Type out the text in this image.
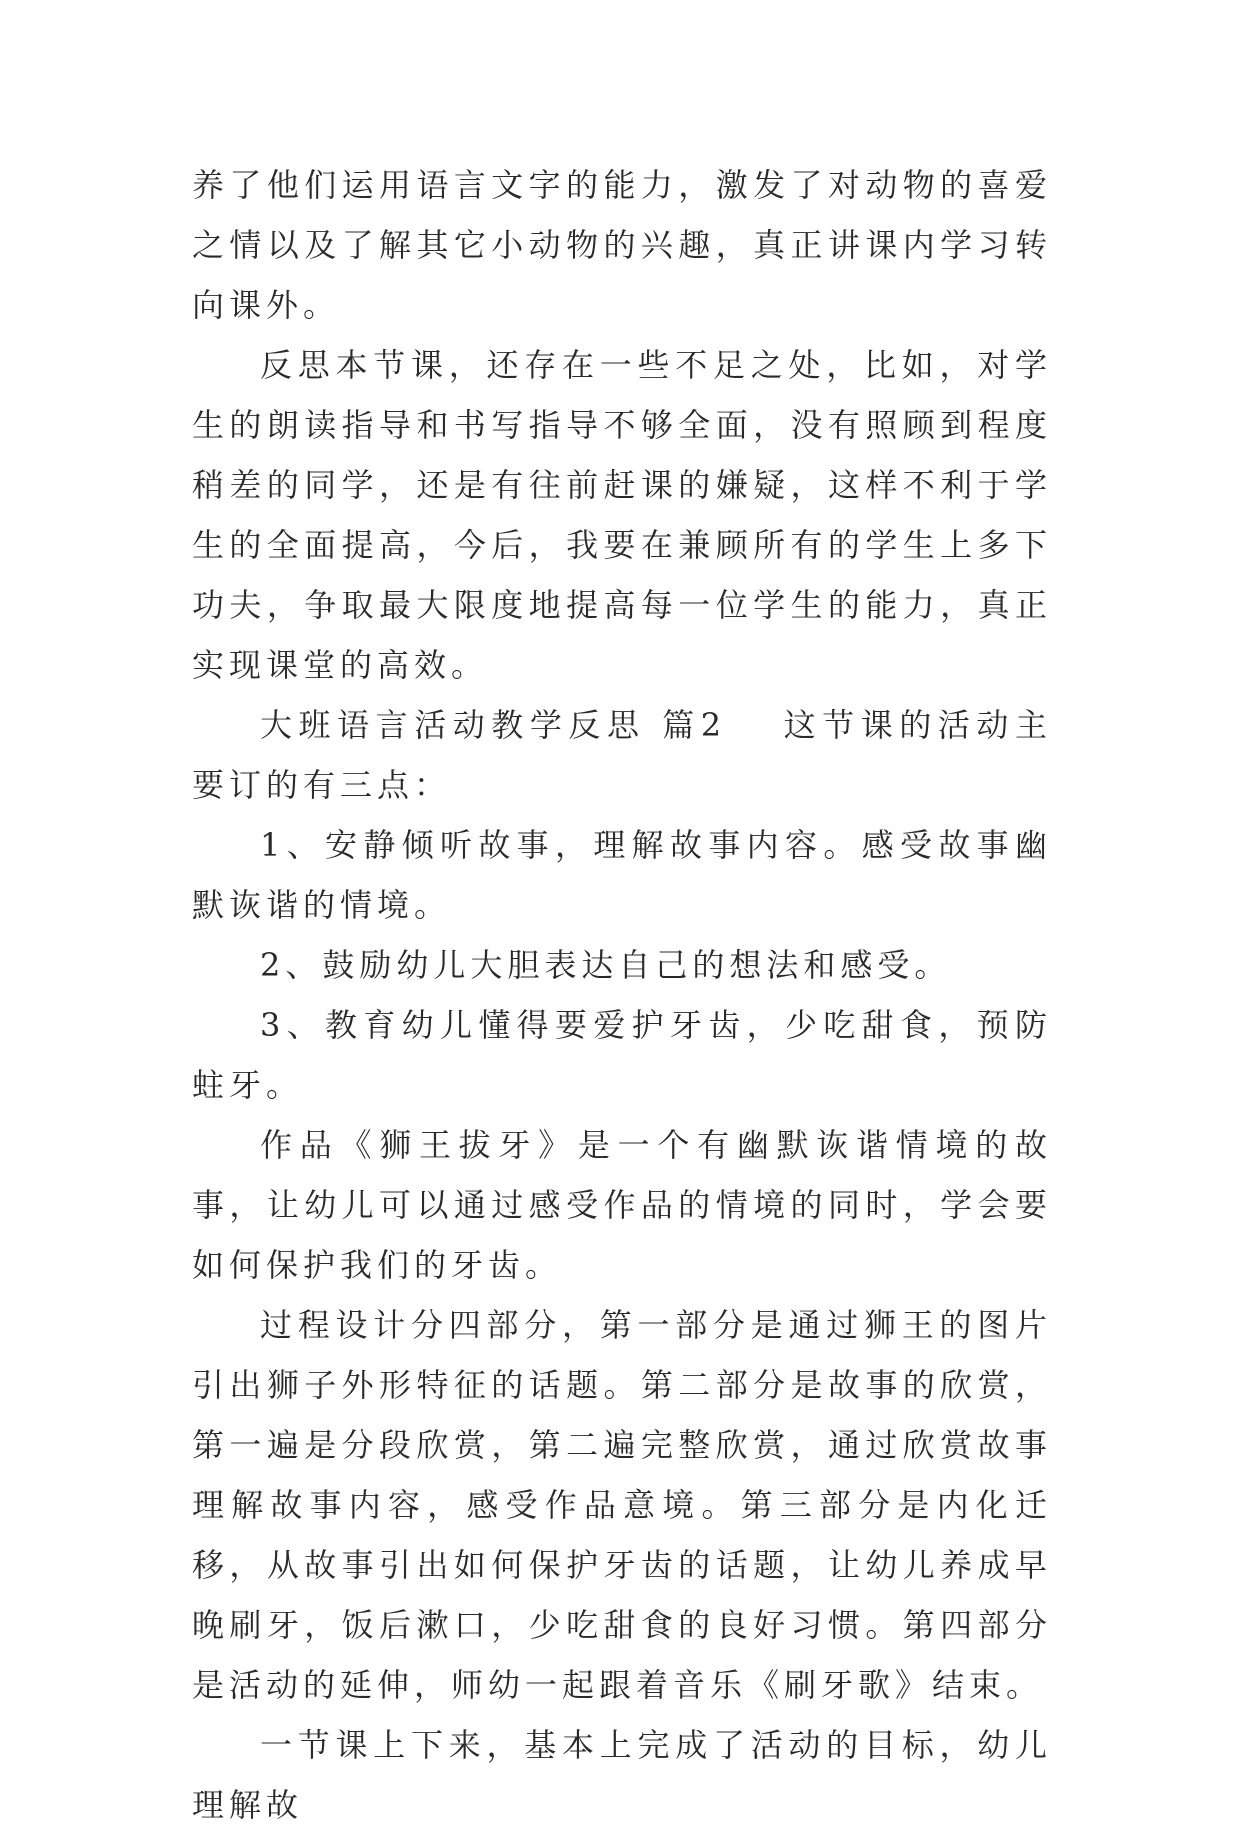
养了他们运用语言文字的能力，激发了对动物的喜爱之情以及了解其它小动物的兴趣，真正讲课内学习转向课外。

反思本节课，还存在一些不足之处，比如，对学生的朗读指导和书写指导不够全面，没有照顾到程度稍差的同学，还是有往前赶课的嫌疑，这样不利于学生的全面提高，今后，我要在兼顾所有的学生上多下功夫，争取最大限度地提高每一位学生的能力，真正实现课堂的高效。

大班语言活动教学反思 篇2 这节课的活动主要订的有三点：

1、安静倾听故事，理解故事内容。感受故事幽默诙谐的情境。

2、鼓励幼儿大胆表达自己的想法和感受。

3、教育幼儿懂得要爱护牙齿，少吃甜食，预防蛀牙。

作品《狮王拔牙》是一个有幽默诙谐情境的故事，让幼儿可以通过感受作品的情境的同时，学会要如何保护我们的牙齿。

过程设计分四部分，第一部分是通过狮王的图片引出狮子外形特征的话题。第二部分是故事的欣赏，第一遍是分段欣赏，第二遍完整欣赏，通过欣赏故事理解故事内容，感受作品意境。第三部分是内化迁移，从故事引出如何保护牙齿的话题，让幼儿养成早晚刷牙，饭后漱口，少吃甜食的良好习惯。第四部分是活动的延伸，师幼一起跟着音乐《刷牙歌》结束。

一节课上下来，基本上完成了活动的目标，幼儿理解故
